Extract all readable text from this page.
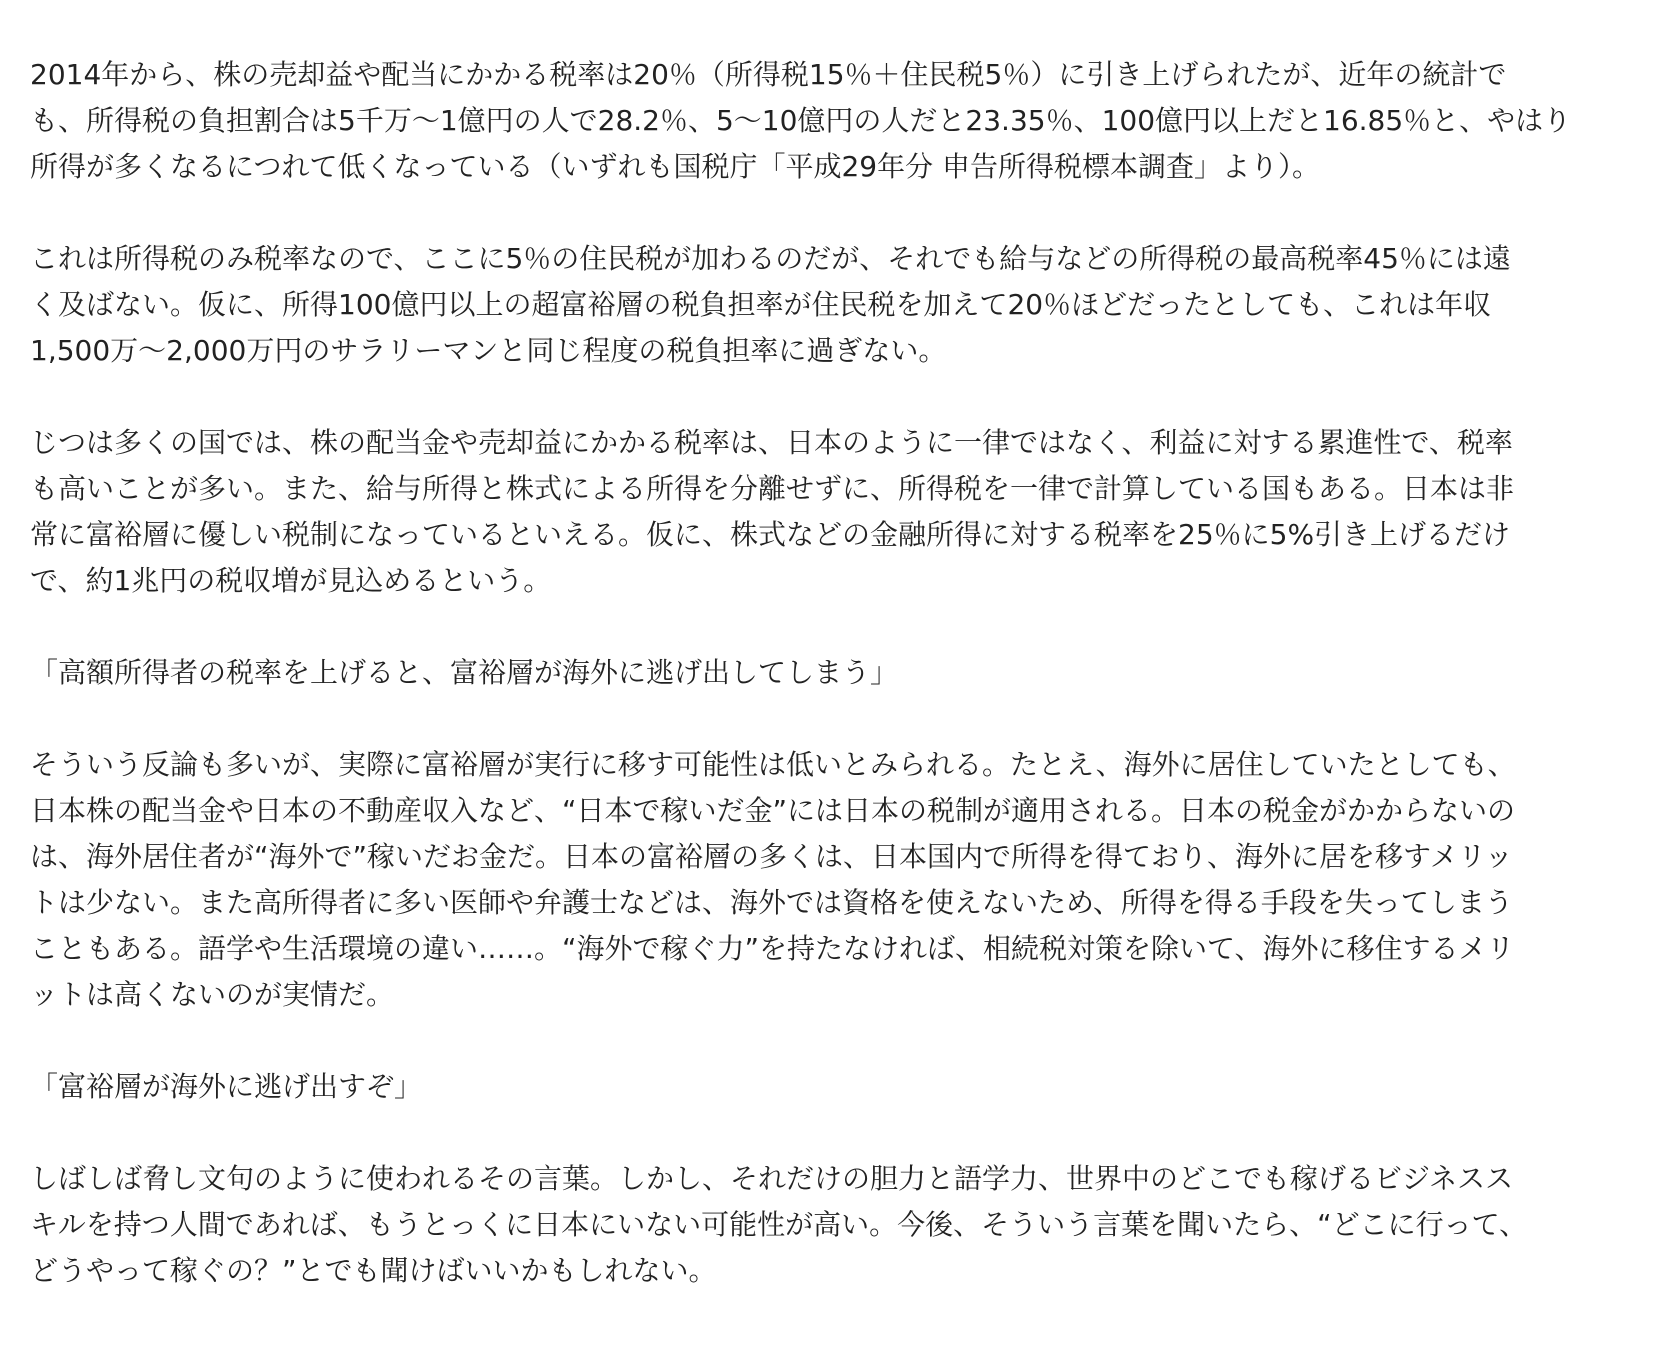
2014年から、株の売却益や配当にかかる税率は20％（所得税15％＋住民税5％）に引き上げられたが、近年の統計で
も、所得税の負担割合は5千万〜1億円の人で28.2％、5〜10億円の人だと23.35％、100億円以上だと16.85％と、やはり
所得が多くなるにつれて低くなっている（いずれも国税庁「平成29年分 申告所得税標本調査」より）。

これは所得税のみ税率なので、ここに5％の住民税が加わるのだが、それでも給与などの所得税の最高税率45％には遠
く及ばない。仮に、所得100億円以上の超富裕層の税負担率が住民税を加えて20％ほどだったとしても、これは年収
1,500万〜2,000万円のサラリーマンと同じ程度の税負担率に過ぎない。

じつは多くの国では、株の配当金や売却益にかかる税率は、日本のように一律ではなく、利益に対する累進性で、税率
も高いことが多い。また、給与所得と株式による所得を分離せずに、所得税を一律で計算している国もある。日本は非
常に富裕層に優しい税制になっているといえる。仮に、株式などの金融所得に対する税率を25％に5%引き上げるだけ
で、約1兆円の税収増が見込めるという。

「高額所得者の税率を上げると、富裕層が海外に逃げ出してしまう」

そういう反論も多いが、実際に富裕層が実行に移す可能性は低いとみられる。たとえ、海外に居住していたとしても、
日本株の配当金や日本の不動産収入など、“日本で稼いだ金”には日本の税制が適用される。日本の税金がかからないの
は、海外居住者が“海外で”稼いだお金だ。日本の富裕層の多くは、日本国内で所得を得ており、海外に居を移すメリッ
トは少ない。また高所得者に多い医師や弁護士などは、海外では資格を使えないため、所得を得る手段を失ってしまう
こともある。語学や生活環境の違い……。“海外で稼ぐ力”を持たなければ、相続税対策を除いて、海外に移住するメリ
ットは高くないのが実情だ。

「富裕層が海外に逃げ出すぞ」

しばしば脅し文句のように使われるその言葉。しかし、それだけの胆力と語学力、世界中のどこでも稼げるビジネスス
キルを持つ人間であれば、もうとっくに日本にいない可能性が高い。今後、そういう言葉を聞いたら、“どこに行って、
どうやって稼ぐの？”とでも聞けばいいかもしれない。
